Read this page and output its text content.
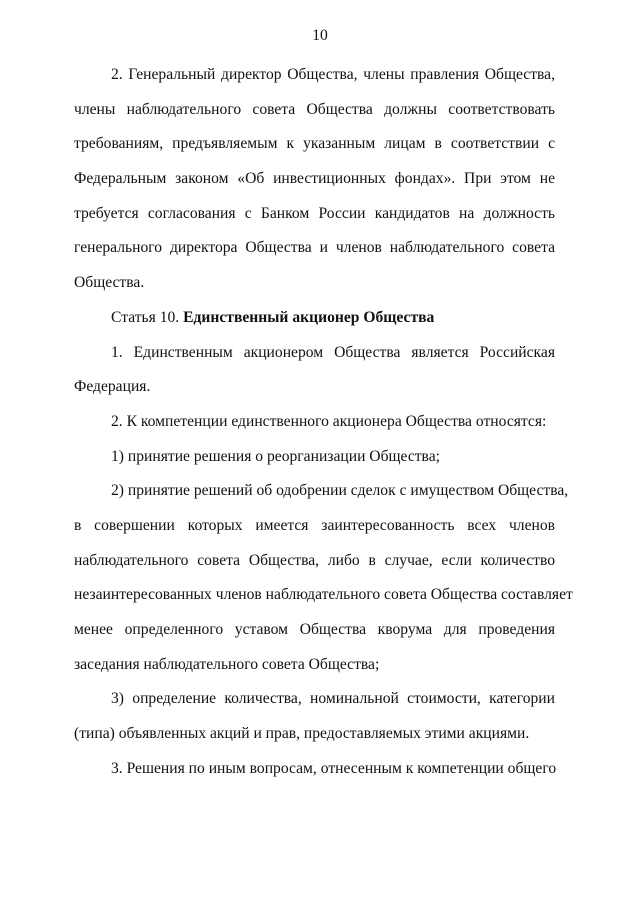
10
2. Генеральный директор Общества, члены правления Общества,
члены наблюдательного совета Общества должны соответствовать
требованиям, предъявляемым к указанным лицам в соответствии с
Федеральным законом «Об инвестиционных фондах». При этом не
требуется согласования с Банком России кандидатов на должность
генерального директора Общества и членов наблюдательного совета
Общества.
Статья 10. Единственный акционер Общества
1. Единственным акционером Общества является Российская
Федерация.
2. К компетенции единственного акционера Общества относятся:
1) принятие решения о реорганизации Общества;
2) принятие решений об одобрении сделок с имуществом Общества,
в совершении которых имеется заинтересованность всех членов
наблюдательного совета Общества, либо в случае, если количество
незаинтересованных членов наблюдательного совета Общества составляет
менее определенного уставом Общества кворума для проведения
заседания наблюдательного совета Общества;
3) определение количества, номинальной стоимости, категории
(типа) объявленных акций и прав, предоставляемых этими акциями.
3. Решения по иным вопросам, отнесенным к компетенции общего
